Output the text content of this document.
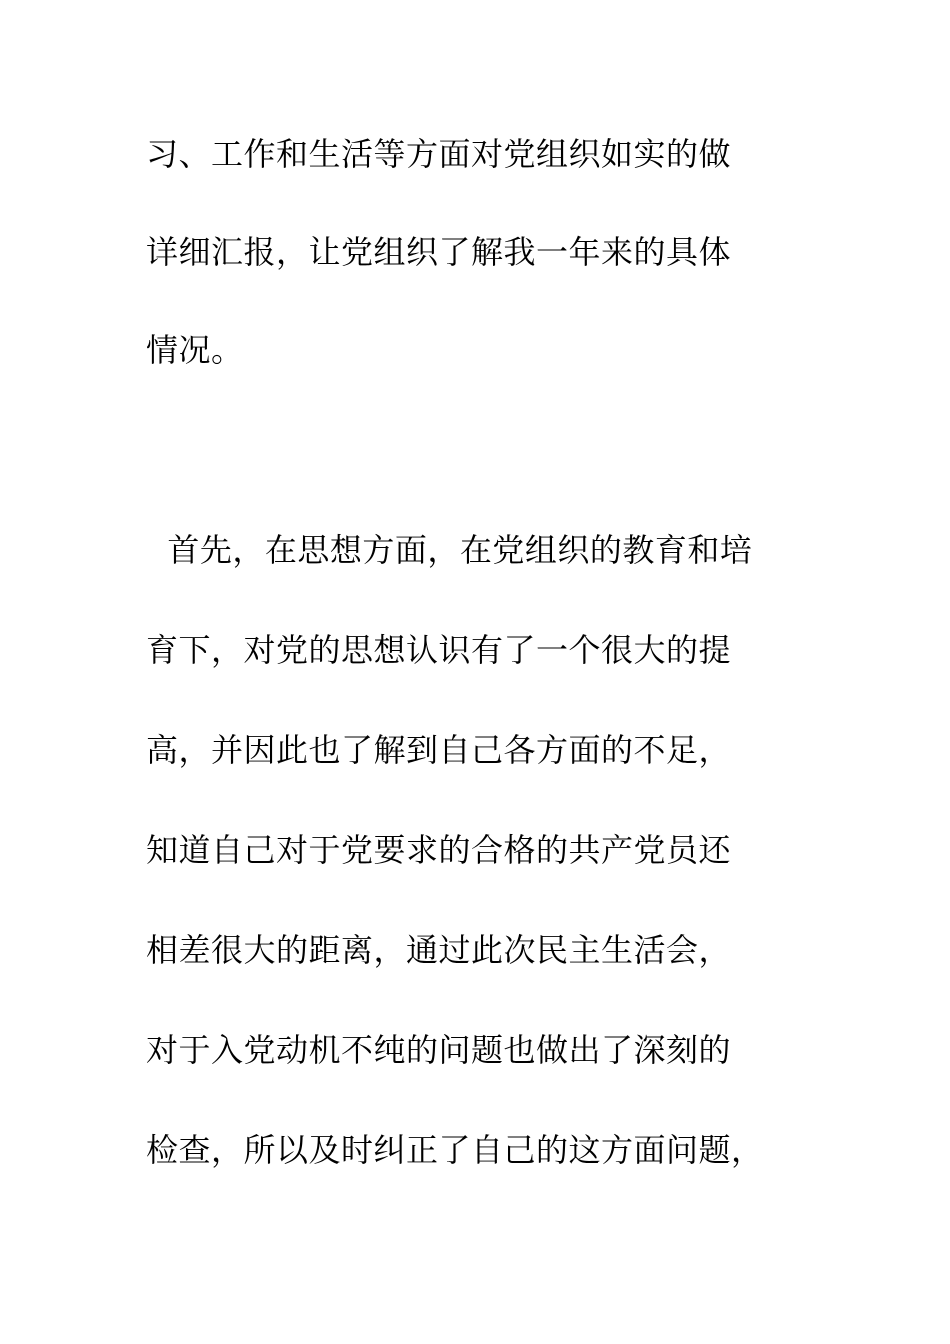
习、工作和生活等方面对党组织如实的做
详细汇报，让党组织了解我一年来的具体
情况。
首先，在思想方面，在党组织的教育和培
育下，对党的思想认识有了一个很大的提
高，并因此也了解到自己各方面的不足，
知道自己对于党要求的合格的共产党员还
相差很大的距离，通过此次民主生活会，
对于入党动机不纯的问题也做出了深刻的
检查，所以及时纠正了自己的这方面问题，
